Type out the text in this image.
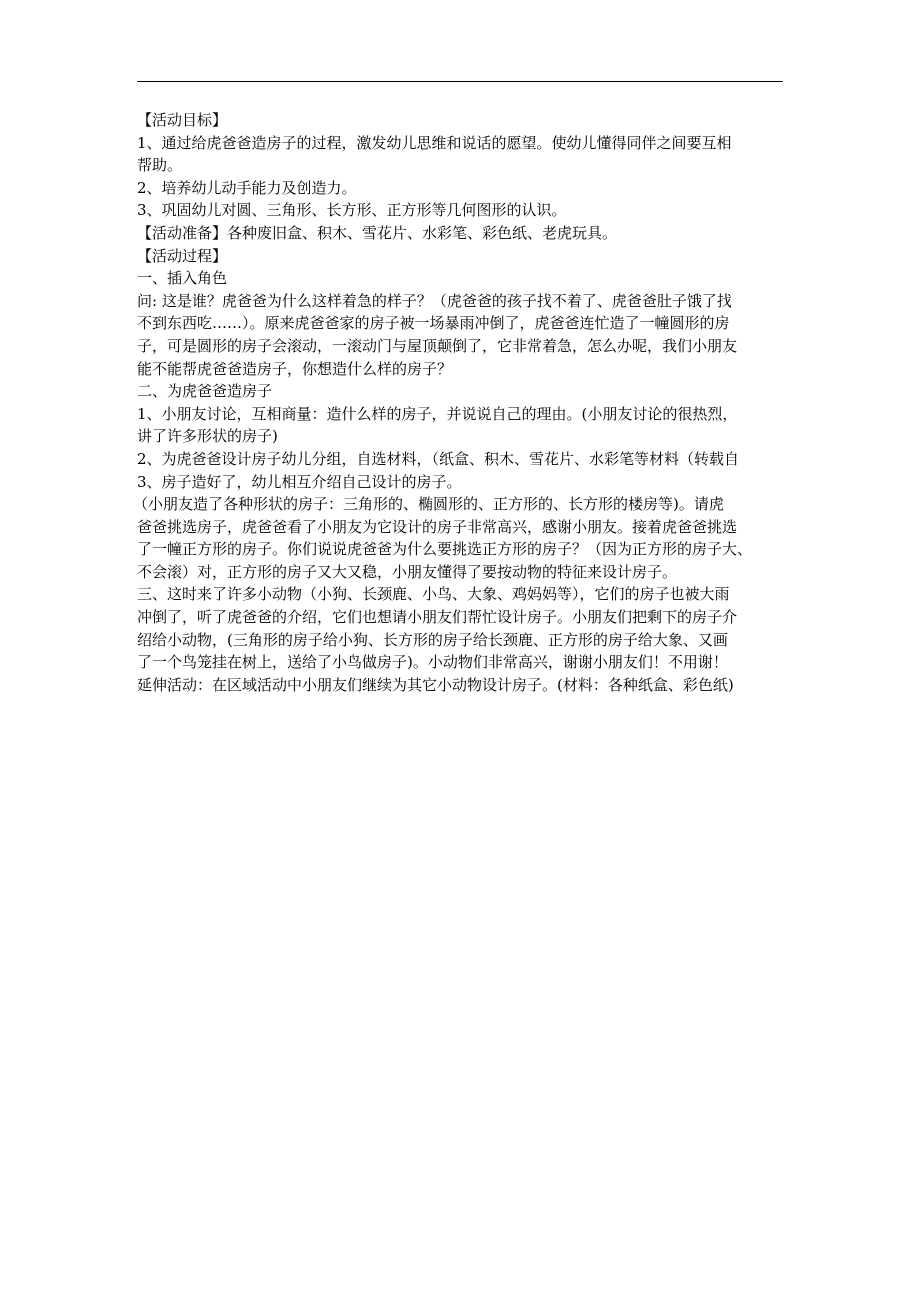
【活动目标】

1、通过给虎爸爸造房子的过程，激发幼儿思维和说话的愿望。使幼儿懂得同伴之间要互相

帮助。

2、培养幼儿动手能力及创造力。

3、巩固幼儿对圆、三角形、长方形、正方形等几何图形的认识。

【活动准备】各种废旧盒、积木、雪花片、水彩笔、彩色纸、老虎玩具。

【活动过程】

一、插入角色

问: 这是谁？虎爸爸为什么这样着急的样子？（虎爸爸的孩子找不着了、虎爸爸肚子饿了找

不到东西吃……）。原来虎爸爸家的房子被一场暴雨冲倒了，虎爸爸连忙造了一幢圆形的房

子，可是圆形的房子会滚动，一滚动门与屋顶颠倒了，它非常着急，怎么办呢，我们小朋友

能不能帮虎爸爸造房子，你想造什么样的房子？

二、为虎爸爸造房子

1、小朋友讨论，互相商量：造什么样的房子，并说说自己的理由。(小朋友讨论的很热烈，

讲了许多形状的房子)

2、为虎爸爸设计房子幼儿分组，自选材料，（纸盒、积木、雪花片、水彩笔等材料（转载自

3、房子造好了，幼儿相互介绍自己设计的房子。

（小朋友造了各种形状的房子：三角形的、椭圆形的、正方形的、长方形的楼房等)。请虎

爸爸挑选房子，虎爸爸看了小朋友为它设计的房子非常高兴，感谢小朋友。接着虎爸爸挑选

了一幢正方形的房子。你们说说虎爸爸为什么要挑选正方形的房子？（因为正方形的房子大、

不会滚）对，正方形的房子又大又稳，小朋友懂得了要按动物的特征来设计房子。

三、这时来了许多小动物（小狗、长颈鹿、小鸟、大象、鸡妈妈等），它们的房子也被大雨

冲倒了，听了虎爸爸的介绍，它们也想请小朋友们帮忙设计房子。小朋友们把剩下的房子介

绍给小动物，(三角形的房子给小狗、长方形的房子给长颈鹿、正方形的房子给大象、又画

了一个鸟笼挂在树上，送给了小鸟做房子)。小动物们非常高兴，谢谢小朋友们！不用谢！

延伸活动：在区域活动中小朋友们继续为其它小动物设计房子。(材料：各种纸盒、彩色纸)
